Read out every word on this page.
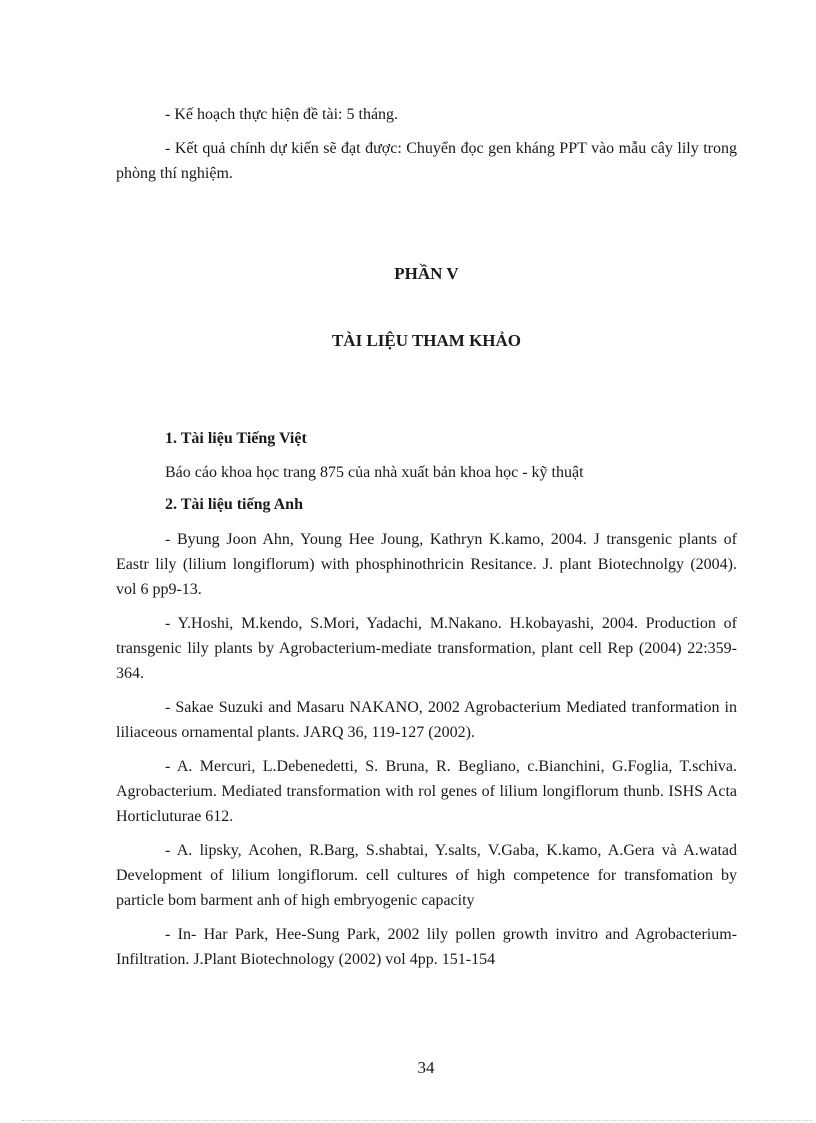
- Kế hoạch thực hiện đề tài: 5 tháng.

- Kết quả chính dự kiến sẽ đạt được: Chuyển đọc gen kháng PPT vào mẫu cây lily trong phòng thí nghiệm.

PHẦN V

TÀI LIỆU THAM KHẢO

1. Tài liệu Tiếng Việt

Báo cáo khoa học trang 875 của nhà xuất bản khoa học - kỹ thuật

2. Tài liệu tiếng Anh

- Byung Joon Ahn, Young Hee Joung, Kathryn K.kamo, 2004. J transgenic plants of Eastr lily (lilium longiflorum) with phosphinothricin Resitance. J. plant Biotechnolgy (2004). vol 6 pp9-13.

- Y.Hoshi, M.kendo, S.Mori, Yadachi, M.Nakano. H.kobayashi, 2004. Production of transgenic lily plants by Agrobacterium-mediate transformation, plant cell Rep (2004) 22:359-364.

- Sakae Suzuki and Masaru NAKANO, 2002 Agrobacterium Mediated tranformation in liliaceous ornamental plants. JARQ 36, 119-127 (2002).

- A. Mercuri, L.Debenedetti, S. Bruna, R. Begliano, c.Bianchini, G.Foglia, T.schiva. Agrobacterium. Mediated transformation with rol genes of lilium longiflorum thunb. ISHS Acta Horticluturae 612.

- A. lipsky, Acohen, R.Barg, S.shabtai, Y.salts, V.Gaba, K.kamo, A.Gera và A.watad Development of lilium longiflorum. cell cultures of high competence for transfomation by particle bom barment anh of high embryogenic capacity

- In- Har Park, Hee-Sung Park, 2002 lily pollen growth invitro and Agrobacterium- Infiltration. J.Plant Biotechnology (2002) vol 4pp. 151-154

34
